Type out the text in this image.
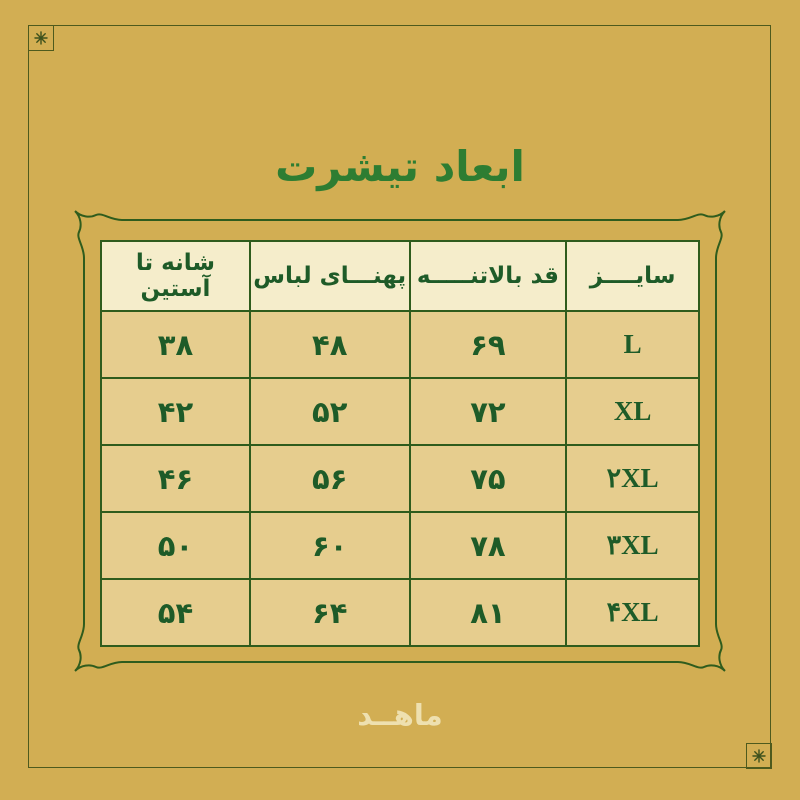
ابعاد تیشرت
سایــــز	قد بالاتنـــــه	پهنـــای لباس	شانه تا آستین
L	۶۹	۴۸	۳۸
XL	۷۲	۵۲	۴۲
۲XL	۷۵	۵۶	۴۶
۳XL	۷۸	۶۰	۵۰
۴XL	۸۱	۶۴	۵۴
ماهــد
